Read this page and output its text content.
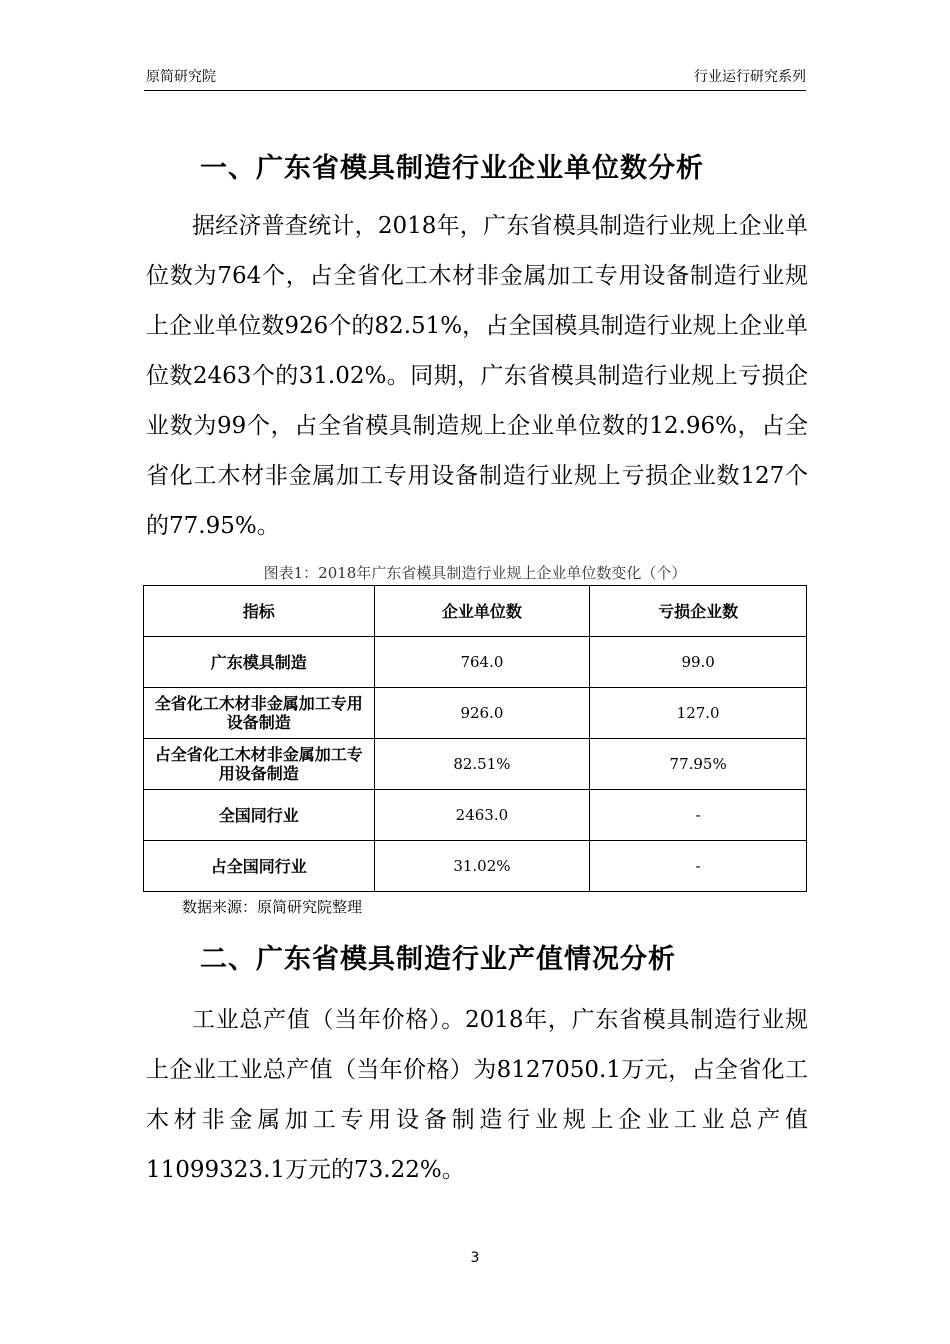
原简研究院	行业运行研究系列
一、广东省模具制造行业企业单位数分析

据经济普查统计，2018年，广东省模具制造行业规上企业单位数为764个，占全省化工木材非金属加工专用设备制造行业规上企业单位数926个的82.51%，占全国模具制造行业规上企业单位数2463个的31.02%。同期，广东省模具制造行业规上亏损企业数为99个，占全省模具制造规上企业单位数的12.96%，占全省化工木材非金属加工专用设备制造行业规上亏损企业数127个的77.95%。

图表1：2018年广东省模具制造行业规上企业单位数变化（个）
指标	企业单位数	亏损企业数
广东模具制造	764.0	99.0
全省化工木材非金属加工专用设备制造	926.0	127.0
占全省化工木材非金属加工专用设备制造	82.51%	77.95%
全国同行业	2463.0	-
占全国同行业	31.02%	-
数据来源：原简研究院整理
二、广东省模具制造行业产值情况分析

工业总产值（当年价格）。2018年，广东省模具制造行业规上企业工业总产值（当年价格）为8127050.1万元，占全省化工木材非金属加工专用设备制造行业规上企业工业总产值11099323.1万元的73.22%。

3
